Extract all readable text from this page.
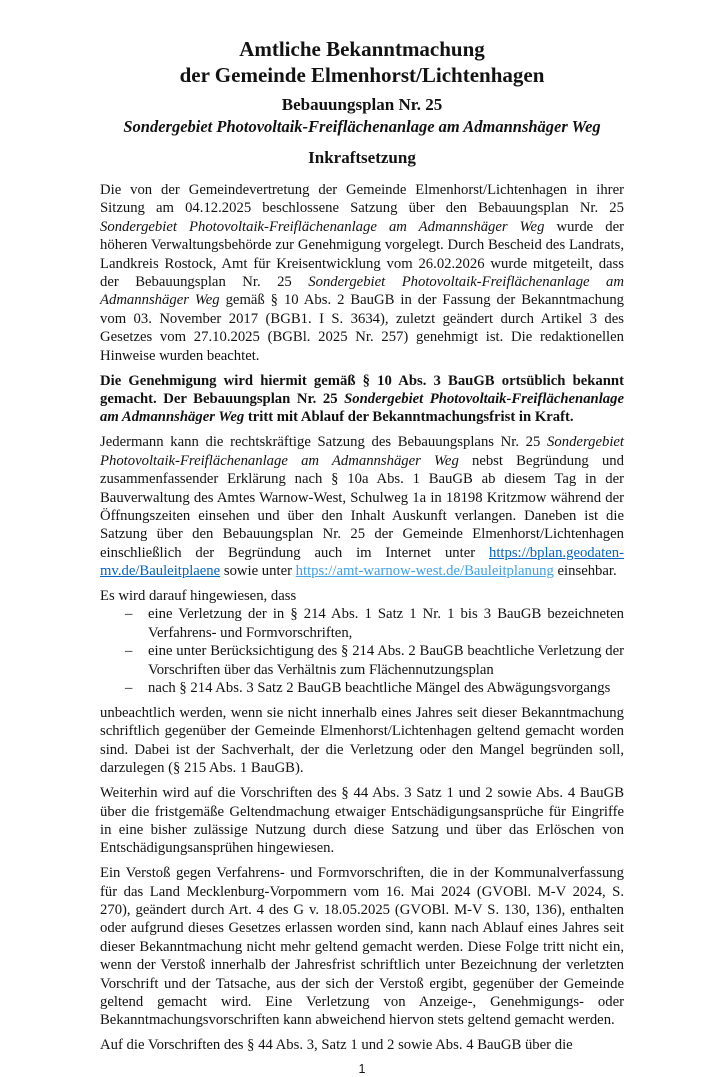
Amtliche Bekanntmachung
der Gemeinde Elmenhorst/Lichtenhagen
Bebauungsplan Nr. 25
Sondergebiet Photovoltaik-Freiflächenanlage am Admannshäger Weg
Inkraftsetzung

Die von der Gemeindevertretung der Gemeinde Elmenhorst/Lichtenhagen in ihrer Sitzung am 04.12.2025 beschlossene Satzung über den Bebauungsplan Nr. 25 Sondergebiet Photovoltaik-Freiflächenanlage am Admannshäger Weg wurde der höheren Verwaltungsbehörde zur Genehmigung vorgelegt. Durch Bescheid des Landrats, Landkreis Rostock, Amt für Kreisentwicklung vom 26.02.2026 wurde mitgeteilt, dass der Bebauungsplan Nr. 25 Sondergebiet Photovoltaik-Freiflächenanlage am Admannshäger Weg gemäß § 10 Abs. 2 BauGB in der Fassung der Bekanntmachung vom 03. November 2017 (BGB1. I S. 3634), zuletzt geändert durch Artikel 3 des Gesetzes vom 27.10.2025 (BGBl. 2025 Nr. 257) genehmigt ist. Die redaktionellen Hinweise wurden beachtet.

Die Genehmigung wird hiermit gemäß § 10 Abs. 3 BauGB ortsüblich bekannt gemacht. Der Bebauungsplan Nr. 25 Sondergebiet Photovoltaik-Freiflächenanlage am Admannshäger Weg tritt mit Ablauf der Bekanntmachungsfrist in Kraft.

Jedermann kann die rechtskräftige Satzung des Bebauungsplans Nr. 25 Sondergebiet Photovoltaik-Freiflächenanlage am Admannshäger Weg nebst Begründung und zusammenfassender Erklärung nach § 10a Abs. 1 BauGB ab diesem Tag in der Bauverwaltung des Amtes Warnow-West, Schulweg 1a in 18198 Kritzmow während der Öffnungszeiten einsehen und über den Inhalt Auskunft verlangen. Daneben ist die Satzung über den Bebauungsplan Nr. 25 der Gemeinde Elmenhorst/Lichtenhagen einschließlich der Begründung auch im Internet unter https://bplan.geodaten-mv.de/Bauleitplaene sowie unter https://amt-warnow-west.de/Bauleitplanung einsehbar.

Es wird darauf hingewiesen, dass

–	eine Verletzung der in § 214 Abs. 1 Satz 1 Nr. 1 bis 3 BauGB bezeichneten Verfahrens- und Formvorschriften,
–	eine unter Berücksichtigung des § 214 Abs. 2 BauGB beachtliche Verletzung der Vorschriften über das Verhältnis zum Flächennutzungsplan
–	nach § 214 Abs. 3 Satz 2 BauGB beachtliche Mängel des Abwägungsvorgangs

unbeachtlich werden, wenn sie nicht innerhalb eines Jahres seit dieser Bekanntmachung schriftlich gegenüber der Gemeinde Elmenhorst/Lichtenhagen geltend gemacht worden sind. Dabei ist der Sachverhalt, der die Verletzung oder den Mangel begründen soll, darzulegen (§ 215 Abs. 1 BauGB).

Weiterhin wird auf die Vorschriften des § 44 Abs. 3 Satz 1 und 2 sowie Abs. 4 BauGB über die fristgemäße Geltendmachung etwaiger Entschädigungsansprüche für Eingriffe in eine bisher zulässige Nutzung durch diese Satzung und über das Erlöschen von Entschädigungsansprühen hingewiesen.

Ein Verstoß gegen Verfahrens- und Formvorschriften, die in der Kommunalverfassung für das Land Mecklenburg-Vorpommern vom 16. Mai 2024 (GVOBl. M-V 2024, S. 270), geändert durch Art. 4 des G v. 18.05.2025 (GVOBl. M-V S. 130, 136), enthalten oder aufgrund dieses Gesetzes erlassen worden sind, kann nach Ablauf eines Jahres seit dieser Bekanntmachung nicht mehr geltend gemacht werden. Diese Folge tritt nicht ein, wenn der Verstoß innerhalb der Jahresfrist schriftlich unter Bezeichnung der verletzten Vorschrift und der Tatsache, aus der sich der Verstoß ergibt, gegenüber der Gemeinde geltend gemacht wird. Eine Verletzung von Anzeige-, Genehmigungs- oder Bekanntmachungsvorschriften kann abweichend hiervon stets geltend gemacht werden.

Auf die Vorschriften des § 44 Abs. 3, Satz 1 und 2 sowie Abs. 4 BauGB über die

1
